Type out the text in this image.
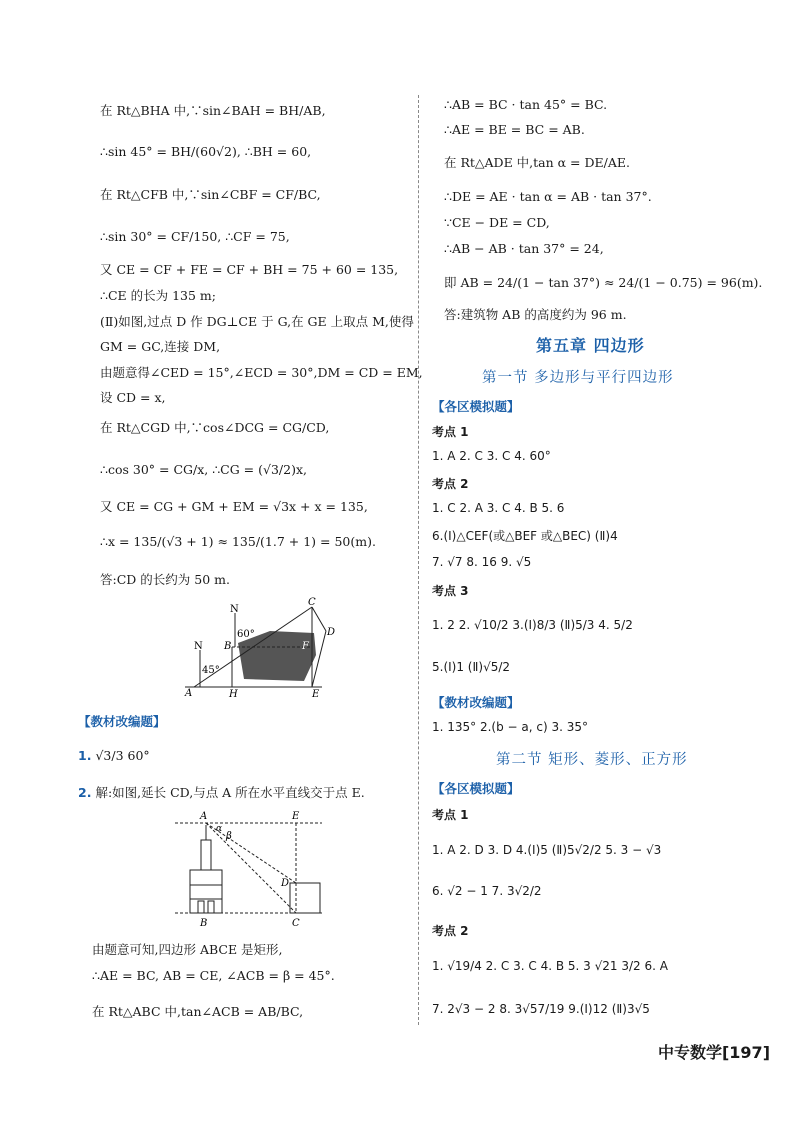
在 Rt△BHA 中,∵sin∠BAH = BH/AB,
∴sin 45° = BH/(60√2), ∴BH = 60,
在 Rt△CFB 中,∵sin∠CBF = CF/BC,
∴sin 30° = CF/150, ∴CF = 75,
又 CE = CF + FE = CF + BH = 75 + 60 = 135,
∴CE 的长为 135 m;
(Ⅱ)如图,过点 D 作 DG⊥CE 于 G,在 GE 上取点 M,使得
GM = GC,连接 DM,
由题意得∠CED = 15°,∠ECD = 30°,DM = CD = EM,
设 CD = x,
在 Rt△CGD 中,∵cos∠DCG = CG/CD,
∴cos 30° = CG/x, ∴CG = (√3/2)x,
又 CE = CG + GM + EM = √3x + x = 135,
∴x = 135/(√3 + 1) ≈ 135/(1.7 + 1) = 50(m).
答:CD 的长约为 50 m.
N
N
45°
60°
A
B
C
D
E
F
H
【教材改编题】
1. √3/3 60°
2. 解:如图,延长 CD,与点 A 所在水平直线交于点 E.
A
α
β
E
B	C
D
由题意可知,四边形 ABCE 是矩形,
∴AE = BC, AB = CE, ∠ACB = β = 45°.
在 Rt△ABC 中,tan∠ACB = AB/BC,
∴AB = BC · tan 45° = BC.
∴AE = BE = BC = AB.
在 Rt△ADE 中,tan α = DE/AE.
∴DE = AE · tan α = AB · tan 37°.
∵CE − DE = CD,
∴AB − AB · tan 37° = 24,
即 AB = 24/(1 − tan 37°) ≈ 24/(1 − 0.75) = 96(m).
答:建筑物 AB 的高度约为 96 m.
第五章 四边形
第一节 多边形与平行四边形
【各区模拟题】
考点 1
1. A 2. C 3. C 4. 60°
考点 2
1. C 2. A 3. C 4. B 5. 6
6.(Ⅰ)△CEF(或△BEF 或△BEC) (Ⅱ)4
7. √7 8. 16 9. √5
考点 3
1. 2 2. √10/2 3.(Ⅰ)8/3 (Ⅱ)5/3 4. 5/2
5.(Ⅰ)1 (Ⅱ)√5/2
【教材改编题】
1. 135° 2.(b − a, c) 3. 35°
第二节 矩形、菱形、正方形
【各区模拟题】
考点 1
1. A 2. D 3. D 4.(Ⅰ)5 (Ⅱ)5√2/2 5. 3 − √3
6. √2 − 1 7. 3√2/2
考点 2
1. √19/4 2. C 3. C 4. B 5. 3 √21 3/2 6. A
7. 2√3 − 2 8. 3√57/19 9.(Ⅰ)12 (Ⅱ)3√5
中专数学[197]
